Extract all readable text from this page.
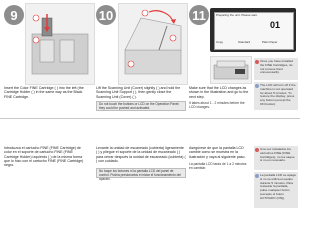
9	10	11	Preparing the unit. Please wait.
01
Copy	Standard	Plain Paper
Insert the Color FINE Cartridge ( ) into the left (the Cartridge Holder ( ) in the same way as the Black FINE Cartridge.
Lift the Scanning Unit (Cover) slightly ( ) and hold the Scanning Unit Support ( ), then gently close the Scanning Unit (Cover) ( ).
Do not touch the buttons or LCD on the Operation Panel; they could be pushed and activated.
Make sure that the LCD changes as shown in the illustration and go to the next step.
It takes about 1 - 2 minutes before the LCD changes.
Once you have installed the FINE Cartridges, do not remove them unnecessarily.
The LCD will turn off if the machine is not operated for about 5 minutes. To restore the display, press any button (except the ON button).
Introduzca el cartucho FINE (FINE Cartridge) de color en el soporte de cartucho FINE (FINE Cartridge Holder) izquierdo ( ) de la misma forma que lo hizo con el cartucho FINE (FINE Cartridge) negro.
Levante la unidad de escaneado (cubierta) ligeramente ( ) y pliegue el soporte de la unidad de escaneado ( ) para cerrar después la unidad de escaneado (cubierta) ( ) con cuidado.
No toque los botones ni la pantalla LCD del panel de control. Podría presionarlos e iniciar el funcionamiento del aparato.
Asegúrese de que la pantalla LCD cambie como se muestra en la ilustración y vaya al siguiente paso.
La pantalla LCD tarda de 1 a 2 minutos en cambiar.
Una vez instalados los cartuchos FINE (FINE Cartridges), no los saque si no es necesario.
La pantalla LCD se apaga si no se utiliza el equipo durante 5 minutos. Para restaurar la pantalla, pulse cualquier botón (excepto el botón ACTIVADO (ON)).
